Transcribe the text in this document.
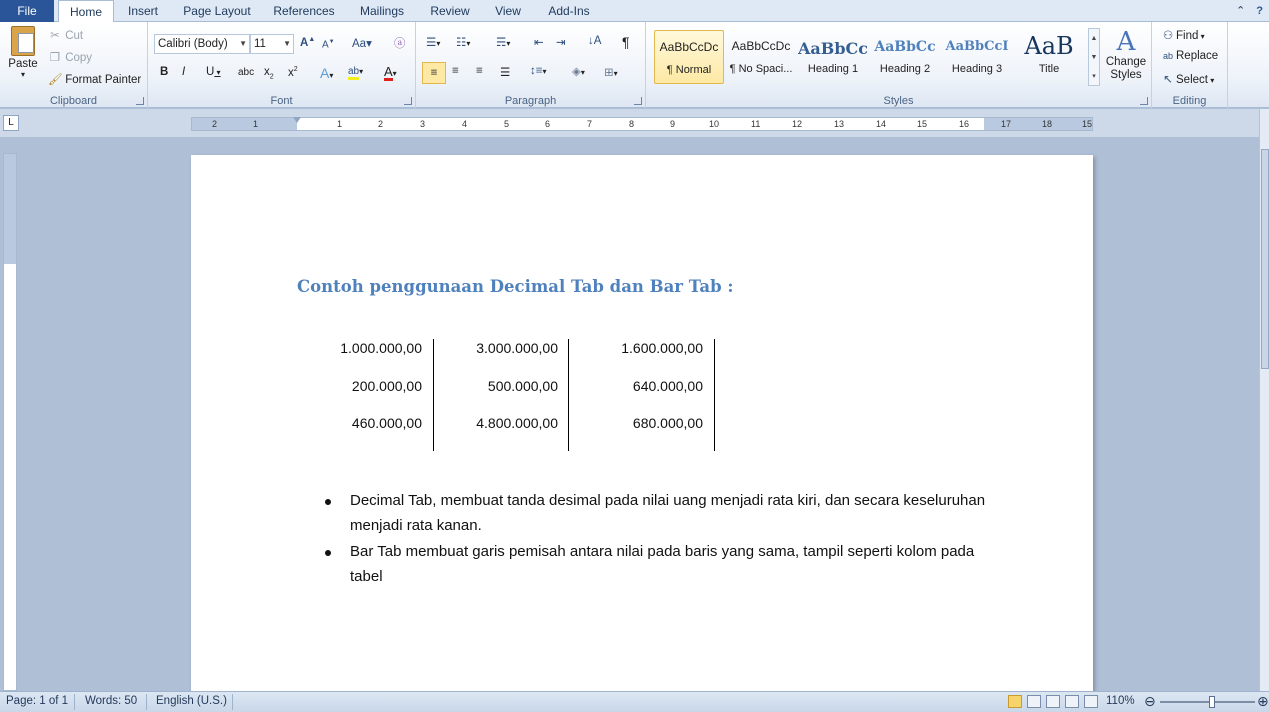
File	Home	Insert	Page Layout	References	Mailings	Review	View	Add-Ins	⌃ ?
Paste
▾
✂ Cut
❐ Copy
🖌 Format Painter
Clipboard
Calibri (Body) ▼ 11 ▼ A▲ A▼ Aa▾ ⓐ
B I U ▾ abc $x_2$ $x^2$ A▾ ab▾ A▾
Font
☰▾ ☷▾ ☴▾ ⇤ ⇥ ↓A ¶
≡	≡ ≡ ☰ ↕≡▾ ◈▾ ⊞▾
Paragraph
AaBbCcDc
¶ Normal
AaBbCcDc
¶ No Spaci...
AaBbCc
Heading 1
AaBbCc
Heading 2
AaBbCcI
Heading 3
AaB
Title
▲
▼
▾
A
Change Styles
Styles
⚇ Find ▾
ab Replace
↖ Select ▾
Editing
L	2	1	1	2	3	4	5	6	7	8	9	10	11	12	13	14	15	16	17	18	15
Contoh penggunaan Decimal Tab dan Bar Tab :
1.000.000,00	3.000.000,00	1.600.000,00
200.000,00	500.000,00	640.000,00
460.000,00	4.800.000,00	680.000,00
Decimal Tab, membuat tanda desimal pada nilai uang menjadi rata kiri, dan secara keseluruhan menjadi rata kanan.
Bar Tab membuat garis pemisah antara nilai pada baris yang sama, tampil seperti kolom pada tabel
Page: 1 of 1 Words: 50 English (U.S.)	110% ⊖	⊕
